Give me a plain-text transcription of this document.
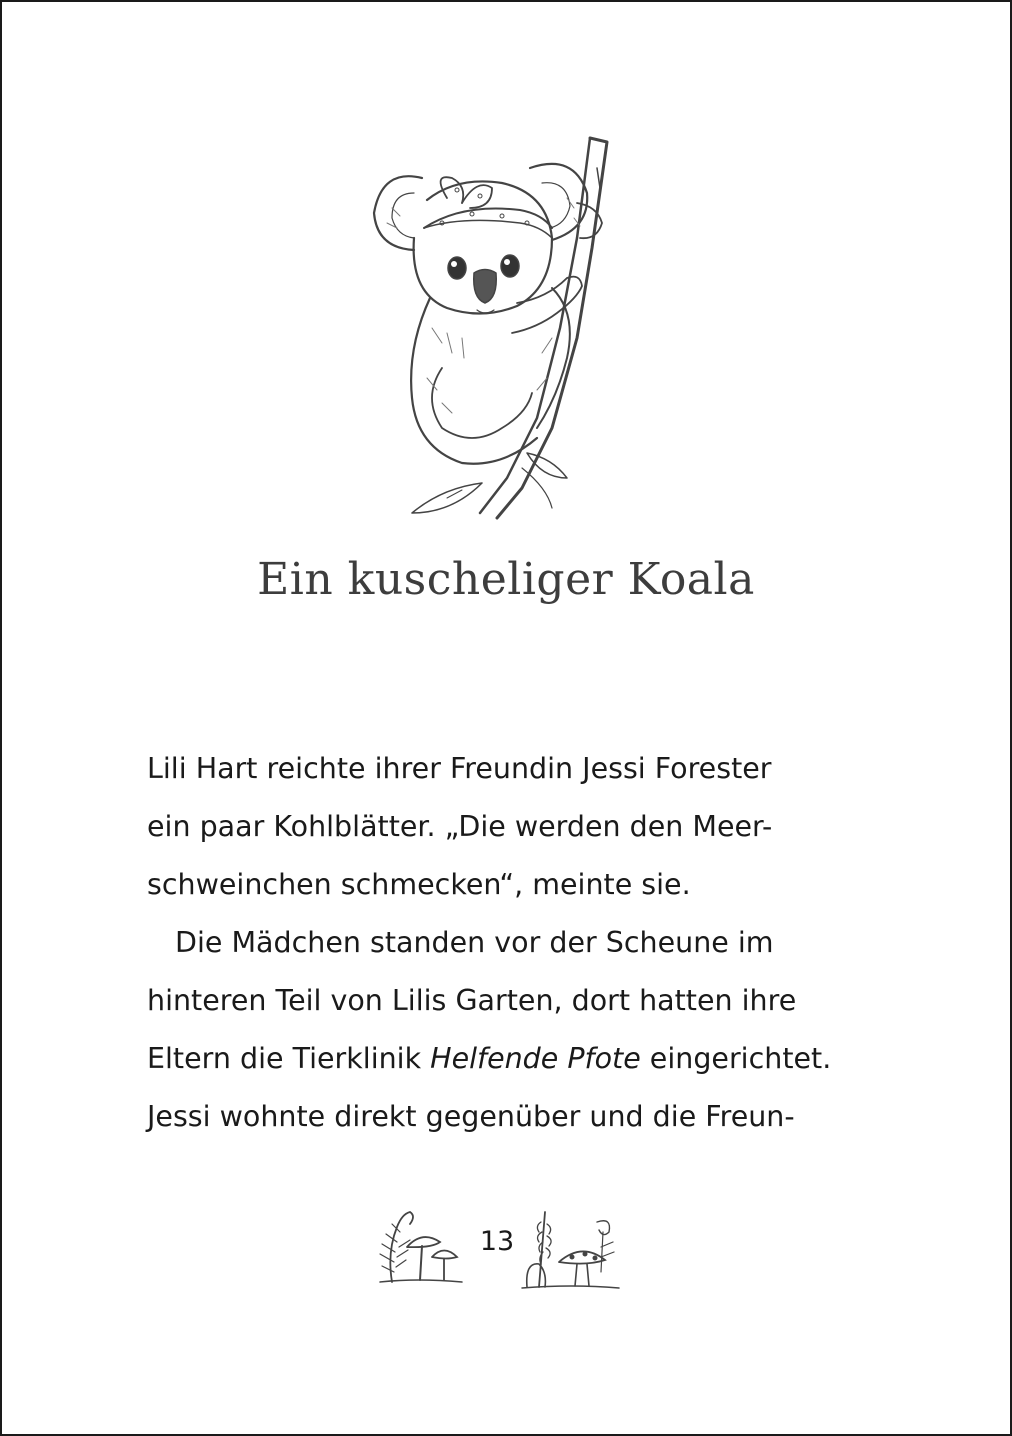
Ein kuscheliger Koala
Lili Hart reichte ihrer Freundin Jessi Forester
ein paar Kohlblätter. „Die werden den Meer-
schweinchen schmecken“, meinte sie.
Die Mädchen standen vor der Scheune im
hinteren Teil von Lilis Garten, dort hatten ihre
Eltern die Tierklinik Helfende Pfote eingerichtet.
Jessi wohnte direkt gegenüber und die Freun-
13
